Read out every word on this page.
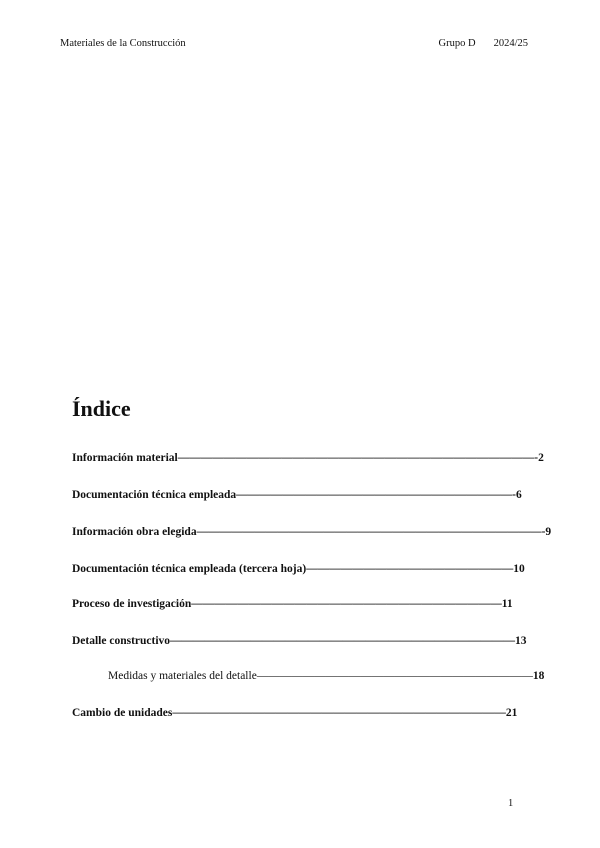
Materiales de la Construcción	Grupo D 2024/25
Índice
Información material———————————————————————————————-2
Documentación técnica empleada————————————————————————-6
Información obra elegida——————————————————————————————-9
Documentación técnica empleada (tercera hoja)——————————————————10
Proceso de investigación———————————————————————————11
Detalle constructivo——————————————————————————————13
Medidas y materiales del detalle————————————————————————18
Cambio de unidades—————————————————————————————21
1
